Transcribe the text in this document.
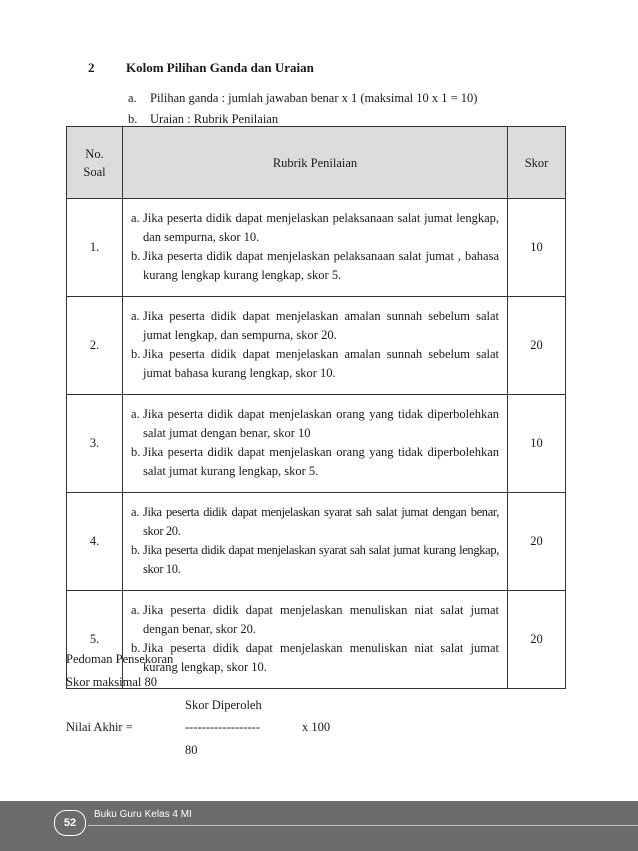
2 Kolom Pilihan Ganda dan Uraian
a. Pilihan ganda : jumlah jawaban benar x 1 (maksimal 10 x 1 = 10)
b. Uraian : Rubrik Penilaian
No.
Soal	Rubrik Penilaian	Skor
1.	a. Jika peserta didik dapat menjelaskan pelaksanaan salat jumat lengkap, dan sempurna, skor 10.
b. Jika peserta didik dapat menjelaskan pelaksanaan salat jumat , bahasa kurang lengkap kurang lengkap, skor 5.	10
2.	a. Jika peserta didik dapat menjelaskan amalan sunnah sebelum salat jumat lengkap, dan sempurna, skor 20.
b. Jika peserta didik dapat menjelaskan amalan sunnah sebelum salat jumat bahasa kurang lengkap, skor 10.	20
3.	a. Jika peserta didik dapat menjelaskan orang yang tidak diperbolehkan salat jumat dengan benar, skor 10
b. Jika peserta didik dapat menjelaskan orang yang tidak diperbolehkan salat jumat kurang lengkap, skor 5.	10
4.	a. Jika peserta didik dapat menjelaskan syarat sah salat jumat dengan benar, skor 20.
b. Jika peserta didik dapat menjelaskan syarat sah salat jumat kurang lengkap, skor 10.	20
5.	a. Jika peserta didik dapat menjelaskan menuliskan niat salat jumat dengan benar, skor 20.
b. Jika peserta didik dapat menjelaskan menuliskan niat salat jumat kurang lengkap, skor 10.	20
Pedoman Pensekoran
Skor maksimal 80
Skor Diperoleh
Nilai Akhir =	------------------	x 100
80
52
Buku Guru Kelas 4 MI
